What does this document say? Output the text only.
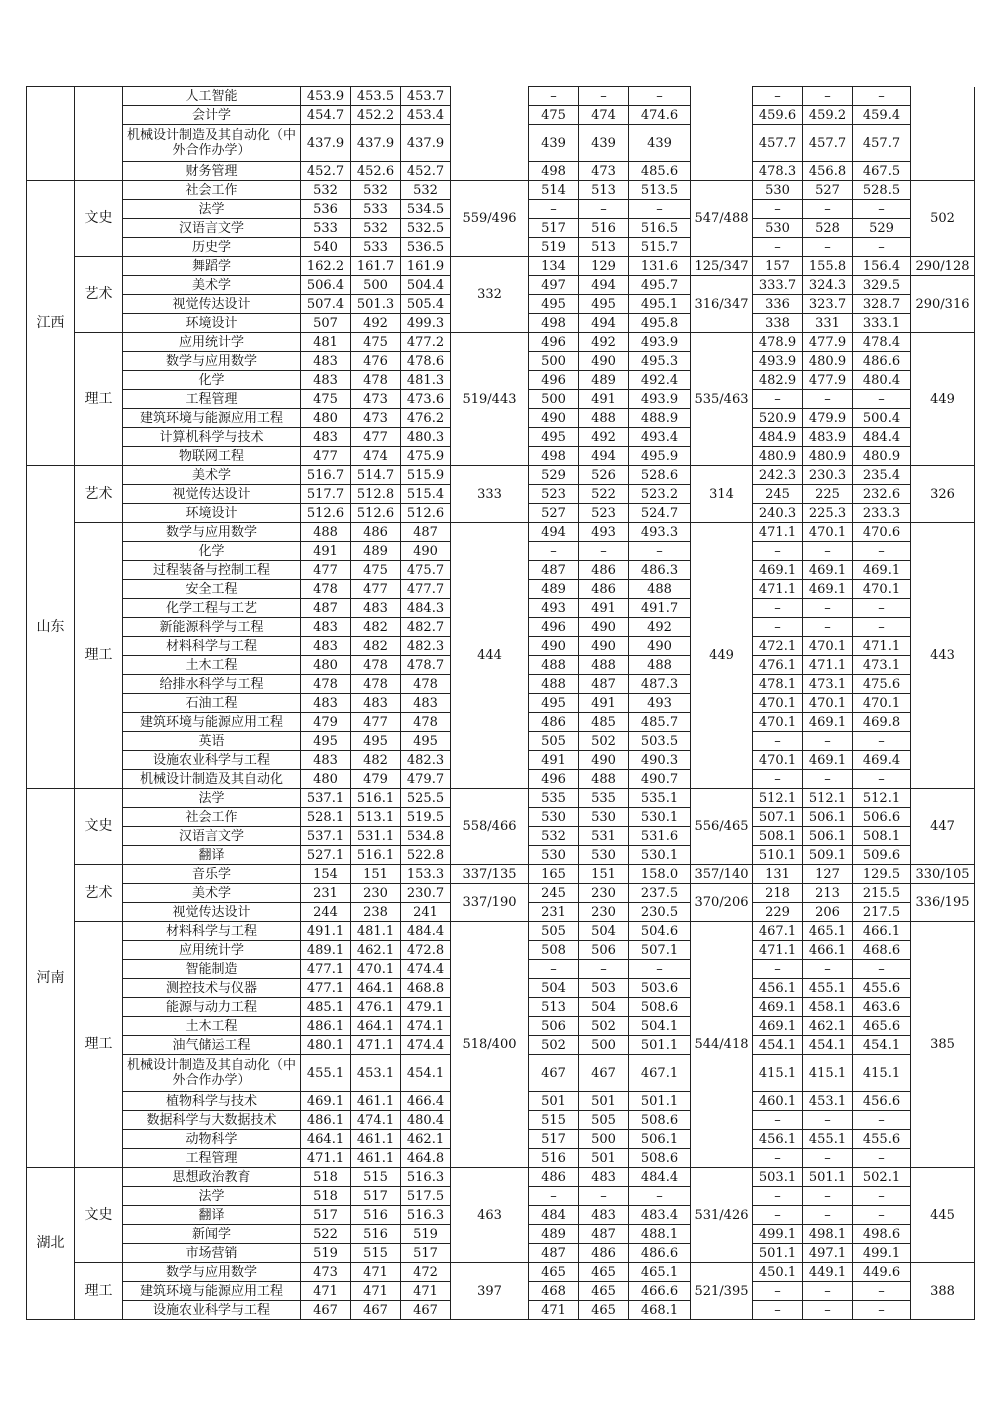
		人工智能	453.9	453.5	453.7		–	–	–		–	–	–	
		会计学	454.7	452.2	453.4		475	474	474.6		459.6	459.2	459.4	
		机械设计制造及其自动化（中外合作办学）	437.9	437.9	437.9		439	439	439		457.7	457.7	457.7	
		财务管理	452.7	452.6	452.7		498	473	485.6		478.3	456.8	467.5	
江西	文史	社会工作	532	532	532	559/496	514	513	513.5	547/488	530	527	528.5	502
		法学	536	533	534.5		–	–	–		–	–	–	
		汉语言文学	533	532	532.5		517	516	516.5		530	528	529	
		历史学	540	533	536.5		519	513	515.7		–	–	–	
	艺术	舞蹈学	162.2	161.7	161.9	332	134	129	131.6	125/347	157	155.8	156.4	290/128
		美术学	506.4	500	504.4		497	494	495.7	316/347	333.7	324.3	329.5	290/316
		视觉传达设计	507.4	501.3	505.4		495	495	495.1		336	323.7	328.7	
		环境设计	507	492	499.3		498	494	495.8		338	331	333.1	
	理工	应用统计学	481	475	477.2	519/443	496	492	493.9	535/463	478.9	477.9	478.4	449
		数学与应用数学	483	476	478.6		500	490	495.3		493.9	480.9	486.6	
		化学	483	478	481.3		496	489	492.4		482.9	477.9	480.4	
		工程管理	475	473	473.6		500	491	493.9		–	–	–	
		建筑环境与能源应用工程	480	473	476.2		490	488	488.9		520.9	479.9	500.4	
		计算机科学与技术	483	477	480.3		495	492	493.4		484.9	483.9	484.4	
		物联网工程	477	474	475.9		498	494	495.9		480.9	480.9	480.9	
山东	艺术	美术学	516.7	514.7	515.9	333	529	526	528.6	314	242.3	230.3	235.4	326
		视觉传达设计	517.7	512.8	515.4		523	522	523.2		245	225	232.6	
		环境设计	512.6	512.6	512.6		527	523	524.7		240.3	225.3	233.3	
	理工	数学与应用数学	488	486	487	444	494	493	493.3	449	471.1	470.1	470.6	443
		化学	491	489	490		–	–	–		–	–	–	
		过程装备与控制工程	477	475	475.7		487	486	486.3		469.1	469.1	469.1	
		安全工程	478	477	477.7		489	486	488		471.1	469.1	470.1	
		化学工程与工艺	487	483	484.3		493	491	491.7		–	–	–	
		新能源科学与工程	483	482	482.7		496	490	492		–	–	–	
		材料科学与工程	483	482	482.3		490	490	490		472.1	470.1	471.1	
		土木工程	480	478	478.7		488	488	488		476.1	471.1	473.1	
		给排水科学与工程	478	478	478		488	487	487.3		478.1	473.1	475.6	
		石油工程	483	483	483		495	491	493		470.1	470.1	470.1	
		建筑环境与能源应用工程	479	477	478		486	485	485.7		470.1	469.1	469.8	
		英语	495	495	495		505	502	503.5		–	–	–	
		设施农业科学与工程	483	482	482.3		491	490	490.3		470.1	469.1	469.4	
		机械设计制造及其自动化	480	479	479.7		496	488	490.7		–	–	–	
河南	文史	法学	537.1	516.1	525.5	558/466	535	535	535.1	556/465	512.1	512.1	512.1	447
		社会工作	528.1	513.1	519.5		530	530	530.1		507.1	506.1	506.6	
		汉语言文学	537.1	531.1	534.8		532	531	531.6		508.1	506.1	508.1	
		翻译	527.1	516.1	522.8		530	530	530.1		510.1	509.1	509.6	
	艺术	音乐学	154	151	153.3	337/135	165	151	158.0	357/140	131	127	129.5	330/105
		美术学	231	230	230.7	337/190	245	230	237.5	370/206	218	213	215.5	336/195
		视觉传达设计	244	238	241		231	230	230.5		229	206	217.5	
	理工	材料科学与工程	491.1	481.1	484.4	518/400	505	504	504.6	544/418	467.1	465.1	466.1	385
		应用统计学	489.1	462.1	472.8		508	506	507.1		471.1	466.1	468.6	
		智能制造	477.1	470.1	474.4		–	–	–		–	–	–	
		测控技术与仪器	477.1	464.1	468.8		504	503	503.6		456.1	455.1	455.6	
		能源与动力工程	485.1	476.1	479.1		513	504	508.6		469.1	458.1	463.6	
		土木工程	486.1	464.1	474.1		506	502	504.1		469.1	462.1	465.6	
		油气储运工程	480.1	471.1	474.4		502	500	501.1		454.1	454.1	454.1	
		机械设计制造及其自动化（中外合作办学）	455.1	453.1	454.1		467	467	467.1		415.1	415.1	415.1	
		植物科学与技术	469.1	461.1	466.4		501	501	501.1		460.1	453.1	456.6	
		数据科学与大数据技术	486.1	474.1	480.4		515	505	508.6		–	–	–	
		动物科学	464.1	461.1	462.1		517	500	506.1		456.1	455.1	455.6	
		工程管理	471.1	461.1	464.8		516	501	508.6		–	–	–	
湖北	文史	思想政治教育	518	515	516.3	463	486	483	484.4	531/426	503.1	501.1	502.1	445
		法学	518	517	517.5		–	–	–		–	–	–	
		翻译	517	516	516.3		484	483	483.4		–	–	–	
		新闻学	522	516	519		489	487	488.1		499.1	498.1	498.6	
		市场营销	519	515	517		487	486	486.6		501.1	497.1	499.1	
	理工	数学与应用数学	473	471	472	397	465	465	465.1	521/395	450.1	449.1	449.6	388
		建筑环境与能源应用工程	471	471	471		468	465	466.6		–	–	–	
		设施农业科学与工程	467	467	467		471	465	468.1		–	–	–	
